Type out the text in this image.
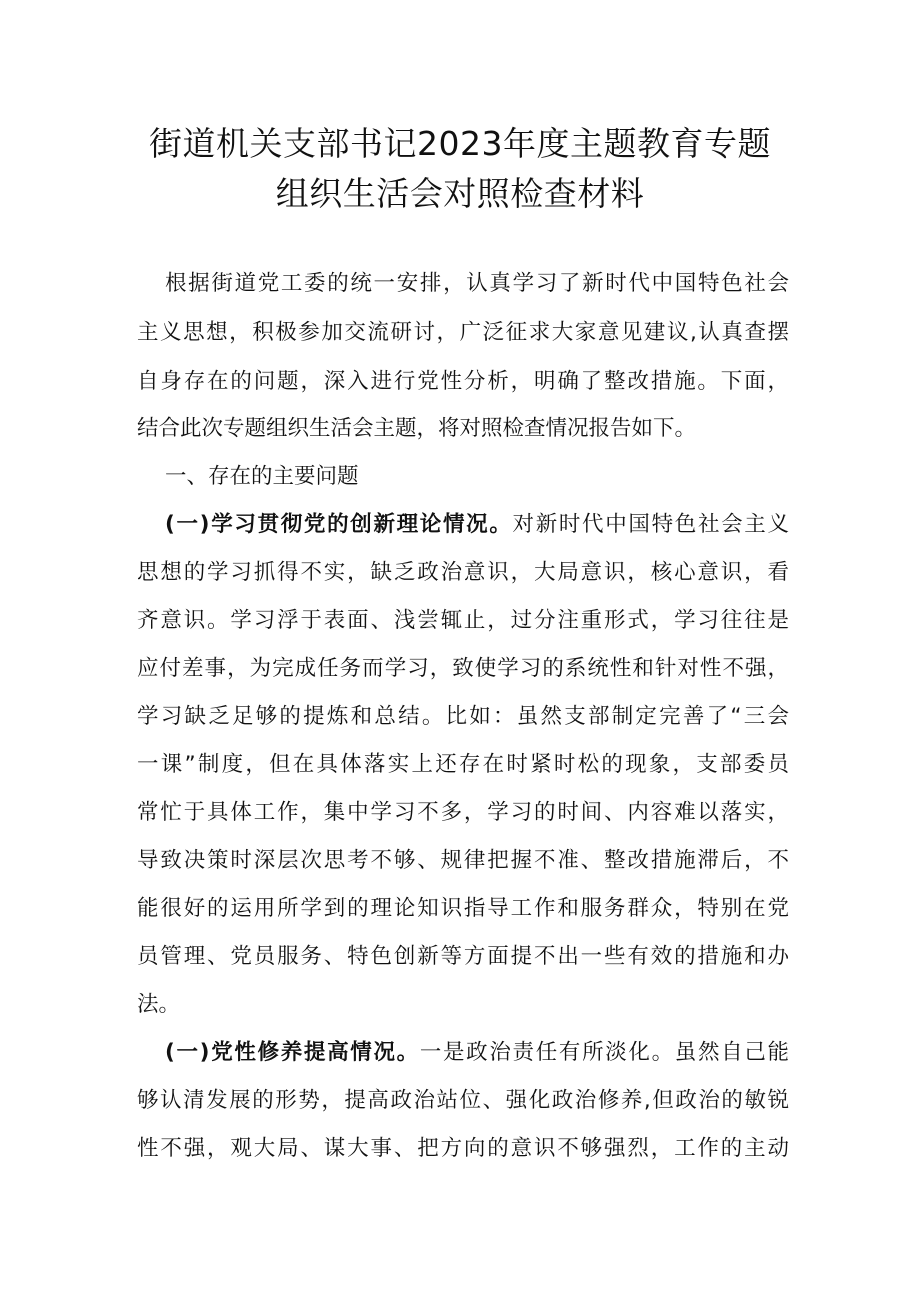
街道机关支部书记2023年度主题教育专题
组织生活会对照检查材料
根据街道党工委的统一安排，认真学习了新时代中国特色社会
主义思想，积极参加交流研讨，广泛征求大家意见建议,认真查摆
自身存在的问题，深入进行党性分析，明确了整改措施。下面，
结合此次专题组织生活会主题，将对照检查情况报告如下。
一、存在的主要问题
(一)学习贯彻党的创新理论情况。对新时代中国特色社会主义
思想的学习抓得不实，缺乏政治意识，大局意识，核心意识，看
齐意识。学习浮于表面、浅尝辄止，过分注重形式，学习往往是
应付差事，为完成任务而学习，致使学习的系统性和针对性不强，
学习缺乏足够的提炼和总结。比如：虽然支部制定完善了“三会
一课”制度，但在具体落实上还存在时紧时松的现象，支部委员
常忙于具体工作，集中学习不多，学习的时间、内容难以落实，
导致决策时深层次思考不够、规律把握不准、整改措施滞后，不
能很好的运用所学到的理论知识指导工作和服务群众，特别在党
员管理、党员服务、特色创新等方面提不出一些有效的措施和办
法。
(一)党性修养提高情况。一是政治责任有所淡化。虽然自己能
够认清发展的形势，提高政治站位、强化政治修养,但政治的敏锐
性不强，观大局、谋大事、把方向的意识不够强烈，工作的主动
